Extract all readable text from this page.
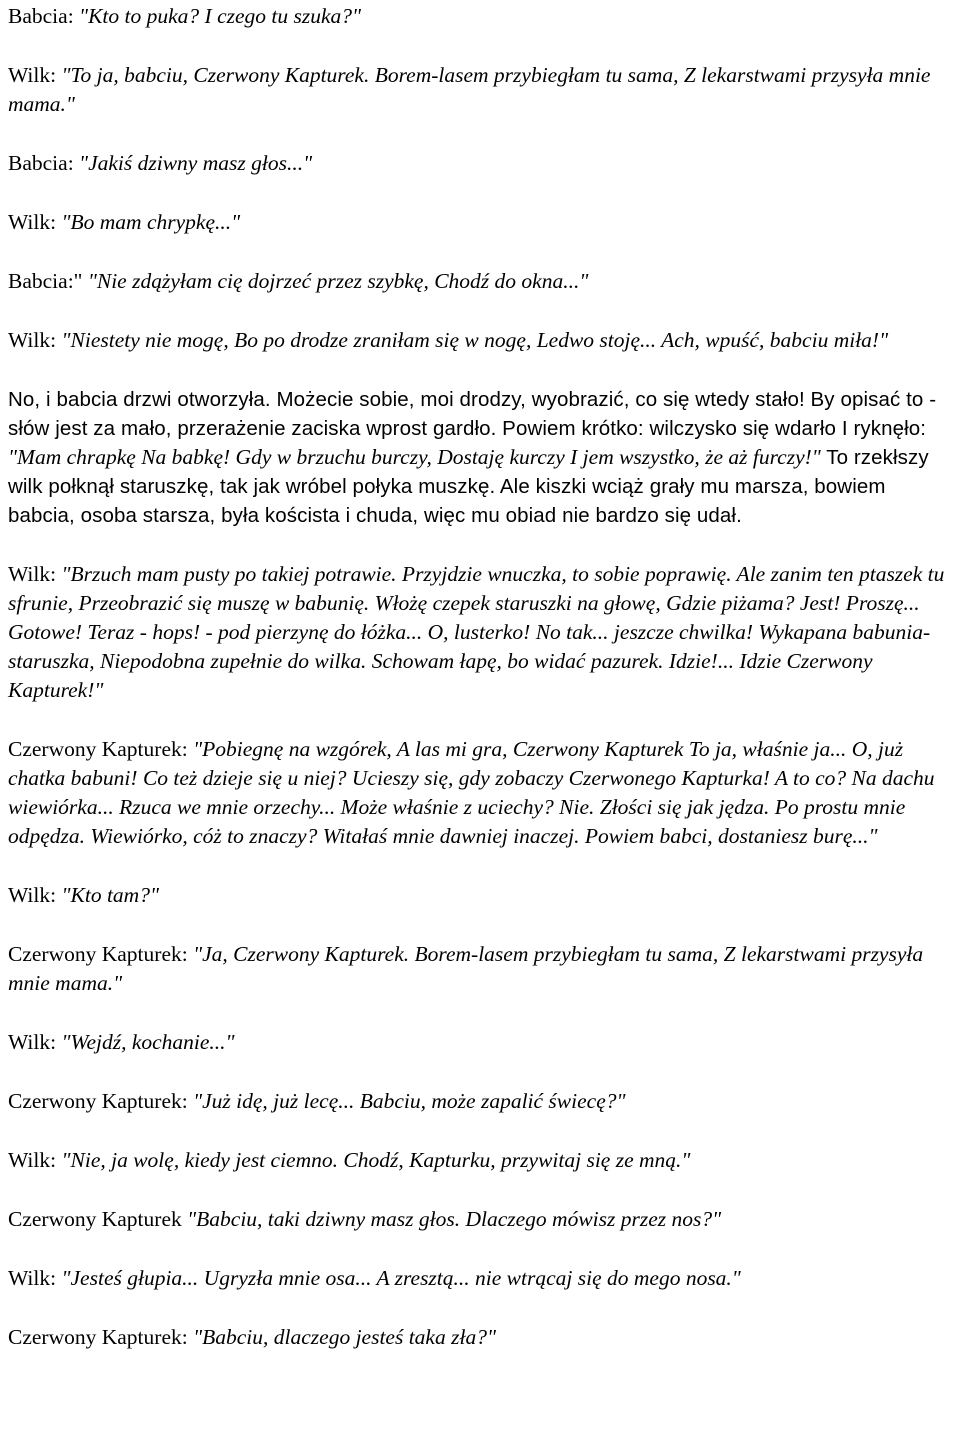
Babcia: "Kto to puka? I czego tu szuka?"

Wilk: "To ja, babciu, Czerwony Kapturek. Borem-lasem przybiegłam tu sama, Z lekarstwami przysyła mnie mama."

Babcia: "Jakiś dziwny masz głos..."

Wilk: "Bo mam chrypkę..."

Babcia:" "Nie zdążyłam cię dojrzeć przez szybkę, Chodź do okna..."

Wilk: "Niestety nie mogę, Bo po drodze zraniłam się w nogę, Ledwo stoję... Ach, wpuść, babciu miła!"

No, i babcia drzwi otworzyła. Możecie sobie, moi drodzy, wyobrazić, co się wtedy stało! By opisać to - słów jest za mało, przerażenie zaciska wprost gardło. Powiem krótko: wilczysko się wdarło I ryknęło: "Mam chrapkę Na babkę! Gdy w brzuchu burczy, Dostaję kurczy I jem wszystko, że aż furczy!" To rzekłszy wilk połknął staruszkę, tak jak wróbel połyka muszkę. Ale kiszki wciąż grały mu marsza, bowiem babcia, osoba starsza, była koścista i chuda, więc mu obiad nie bardzo się udał.

Wilk: "Brzuch mam pusty po takiej potrawie. Przyjdzie wnuczka, to sobie poprawię. Ale zanim ten ptaszek tu sfrunie, Przeobrazić się muszę w babunię. Włożę czepek staruszki na głowę, Gdzie piżama? Jest! Proszę... Gotowe! Teraz - hops! - pod pierzynę do łóżka... O, lusterko! No tak... jeszcze chwilka! Wykapana babunia-staruszka, Niepodobna zupełnie do wilka. Schowam łapę, bo widać pazurek. Idzie!... Idzie Czerwony Kapturek!"

Czerwony Kapturek: "Pobiegnę na wzgórek, A las mi gra, Czerwony Kapturek To ja, właśnie ja... O, już chatka babuni! Co też dzieje się u niej? Ucieszy się, gdy zobaczy Czerwonego Kapturka! A to co? Na dachu wiewiórka... Rzuca we mnie orzechy... Może właśnie z uciechy? Nie. Złości się jak jędza. Po prostu mnie odpędza. Wiewiórko, cóż to znaczy? Witałaś mnie dawniej inaczej. Powiem babci, dostaniesz burę..."

Wilk: "Kto tam?"

Czerwony Kapturek: "Ja, Czerwony Kapturek. Borem-lasem przybiegłam tu sama, Z lekarstwami przysyła mnie mama."

Wilk: "Wejdź, kochanie..."

Czerwony Kapturek: "Już idę, już lecę... Babciu, może zapalić świecę?"

Wilk: "Nie, ja wolę, kiedy jest ciemno. Chodź, Kapturku, przywitaj się ze mną."

Czerwony Kapturek "Babciu, taki dziwny masz głos. Dlaczego mówisz przez nos?"

Wilk: "Jesteś głupia... Ugryzła mnie osa... A zresztą... nie wtrącaj się do mego nosa."

Czerwony Kapturek: "Babciu, dlaczego jesteś taka zła?"
